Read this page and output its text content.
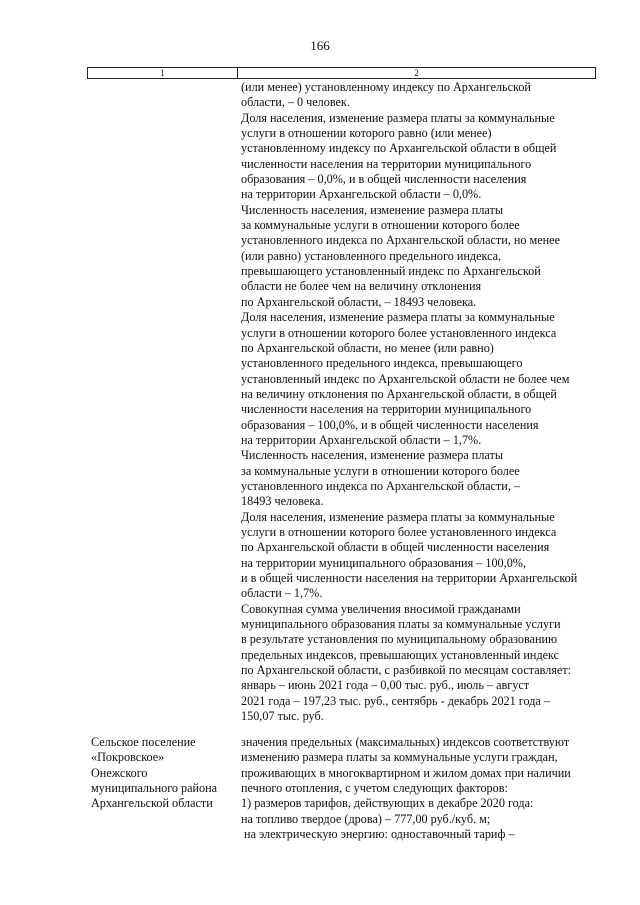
166
1	2
(или менее) установленному индексу по Архангельской
области, – 0 человек.
Доля населения, изменение размера платы за коммунальные
услуги в отношении которого равно (или менее)
установленному индексу по Архангельской области в общей
численности населения на территории муниципального
образования – 0,0%, и в общей численности населения
на территории Архангельской области – 0,0%.
Численность населения, изменение размера платы
за коммунальные услуги в отношении которого более
установленного индекса по Архангельской области, но менее
(или равно) установленного предельного индекса,
превышающего установленный индекс по Архангельской
области не более чем на величину отклонения
по Архангельской области, – 18493 человека.
Доля населения, изменение размера платы за коммунальные
услуги в отношении которого более установленного индекса
по Архангельской области, но менее (или равно)
установленного предельного индекса, превышающего
установленный индекс по Архангельской области не более чем
на величину отклонения по Архангельской области, в общей
численности населения на территории муниципального
образования – 100,0%, и в общей численности населения
на территории Архангельской области – 1,7%.
Численность населения, изменение размера платы
за коммунальные услуги в отношении которого более
установленного индекса по Архангельской области, –
18493 человека.
Доля населения, изменение размера платы за коммунальные
услуги в отношении которого более установленного индекса
по Архангельской области в общей численности населения
на территории муниципального образования – 100,0%,
и в общей численности населения на территории Архангельской
области – 1,7%.
Совокупная сумма увеличения вносимой гражданами
муниципального образования платы за коммунальные услуги
в результате установления по муниципальному образованию
предельных индексов, превышающих установленный индекс
по Архангельской области, с разбивкой по месяцам составляет:
январь – июнь 2021 года – 0,00 тыс. руб., июль – август
2021 года – 197,23 тыс. руб., сентябрь - декабрь 2021 года –
150,07 тыс. руб.
Сельское поселение
«Покровское»
Онежского
муниципального района
Архангельской области
значения предельных (максимальных) индексов соответствуют
изменению размера платы за коммунальные услуги граждан,
проживающих в многоквартирном и жилом домах при наличии
печного отопления, с учетом следующих факторов:
1) размеров тарифов, действующих в декабре 2020 года:
на топливо твердое (дрова) – 777,00 руб./куб. м;
на электрическую энергию: одноставочный тариф –
